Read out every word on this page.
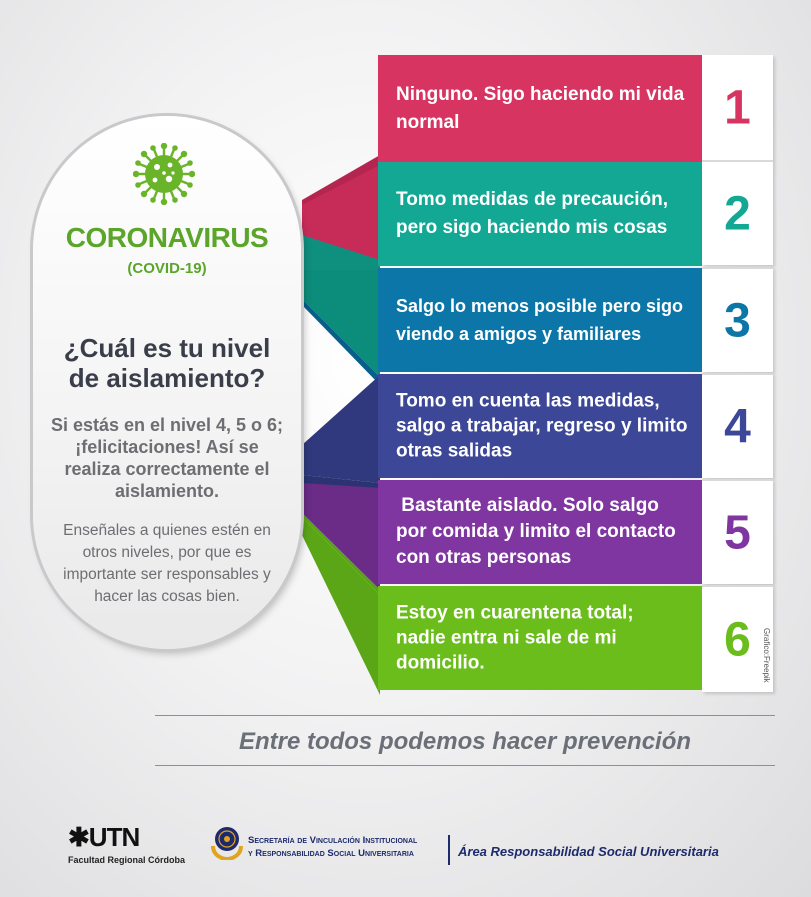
CORONAVIRUS
(COVID-19)
¿Cuál es tu nivel de aislamiento?
Si estás en el nivel 4, 5 o 6; ¡felicitaciones! Así se realiza correctamente el aislamiento.
Enseñales a quienes estén en otros niveles, por que es importante ser responsables y hacer las cosas bien.
Ninguno. Sigo haciendo mi vida normal	1
Tomo medidas de precaución, pero sigo haciendo mis cosas	2
Salgo lo menos posible pero sigo viendo a amigos y familiares	3
Tomo en cuenta las medidas, salgo a trabajar, regreso y limito otras salidas	4
Bastante aislado. Solo salgo por comida y limito el contacto con otras personas	5
Estoy en cuarentena total; nadie entra ni sale de mi domicilio.	6	Grafico:Freepik
Entre todos podemos hacer prevención
✱UTN
Facultad Regional Córdoba
Secretaría de Vinculación Institucional
y Responsabilidad Social Universitaria	Área Responsabilidad Social Universitaria
